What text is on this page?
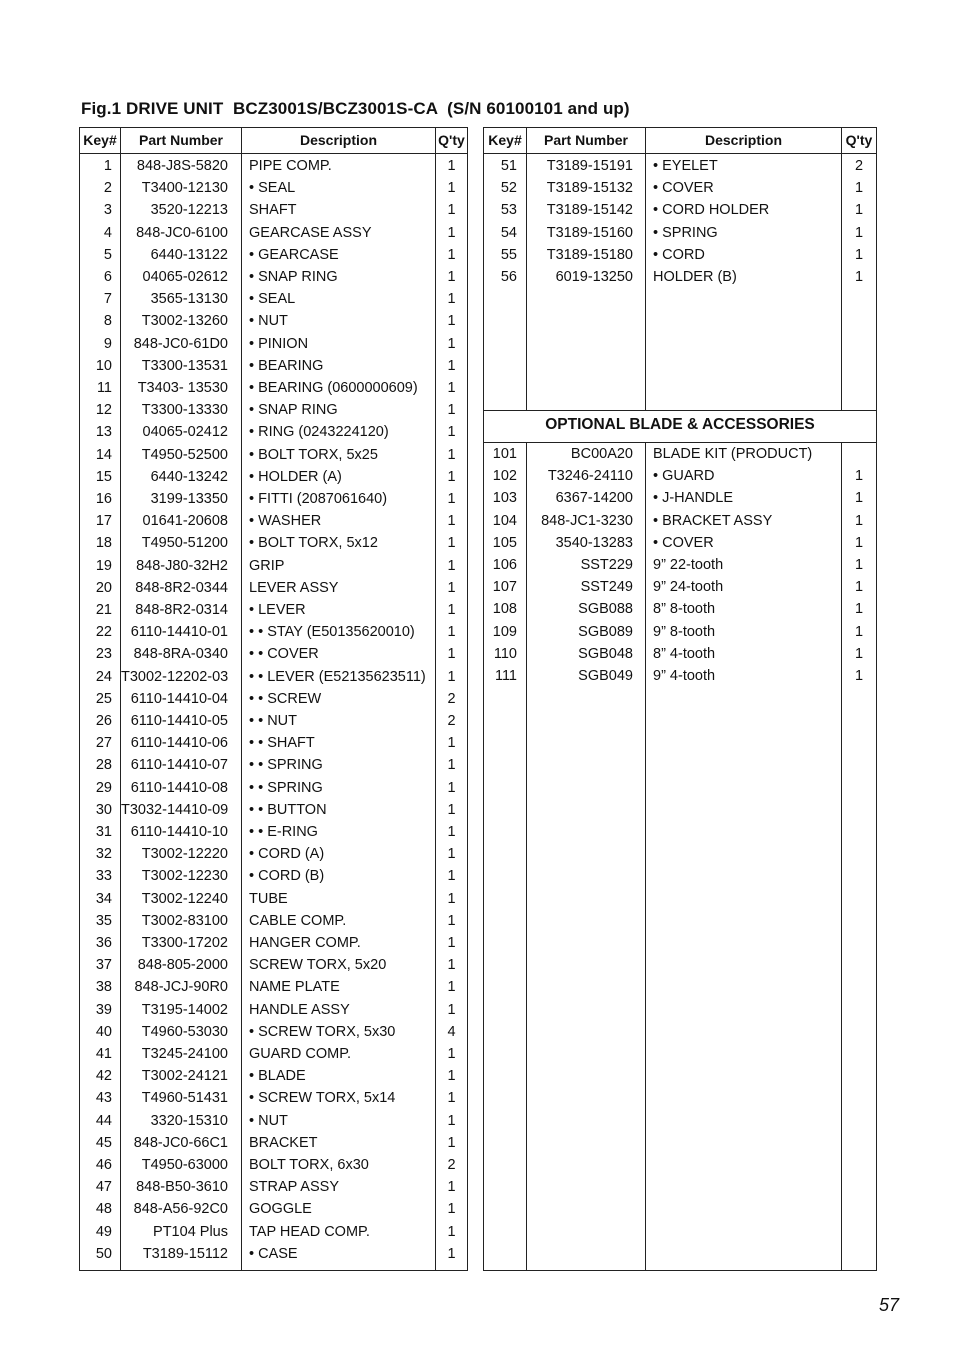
Fig.1 DRIVE UNIT  BCZ3001S/BCZ3001S-CA  (S/N 60100101 and up)
Key#	Part Number	Description	Q'ty
1	848-J8S-5820 PIPE COMP.	1
2	T3400-12130 • SEAL	1
3	3520-12213 SHAFT	1
4	848-JC0-6100 GEARCASE ASSY	1
5	6440-13122 • GEARCASE	1
6	04065-02612 • SNAP RING	1
7	3565-13130 • SEAL	1
8	T3002-13260 • NUT	1
9	848-JC0-61D0 • PINION	1
10	T3300-13531 • BEARING	1
11	T3403- 13530 • BEARING (0600000609)	1
12	T3300-13330 • SNAP RING	1
13	04065-02412 • RING (0243224120)	1
14	T4950-52500 • BOLT TORX, 5x25	1
15	6440-13242 • HOLDER (A)	1
16	3199-13350 • FITTI (2087061640)	1
17	01641-20608 • WASHER	1
18	T4950-51200 • BOLT TORX, 5x12	1
19	848-J80-32H2 GRIP	1
20	848-8R2-0344 LEVER ASSY	1
21	848-8R2-0314 • LEVER	1
22	6110-14410-01 • • STAY (E50135620010)	1
23	848-8RA-0340 • • COVER	1
24 T3002-12202-03 • • LEVER (E52135623511)	1
25	6110-14410-04 • • SCREW	2
26	6110-14410-05 • • NUT	2
27	6110-14410-06 • • SHAFT	1
28	6110-14410-07 • • SPRING	1
29	6110-14410-08 • • SPRING	1
30 T3032-14410-09 • • BUTTON	1
31	6110-14410-10 • • E-RING	1
32	T3002-12220 • CORD (A)	1
33	T3002-12230 • CORD (B)	1
34	T3002-12240 TUBE	1
35	T3002-83100 CABLE COMP.	1
36	T3300-17202 HANGER COMP.	1
37	848-805-2000 SCREW TORX, 5x20	1
38	848-JCJ-90R0 NAME PLATE	1
39	T3195-14002 HANDLE ASSY	1
40	T4960-53030 • SCREW TORX, 5x30	4
41	T3245-24100 GUARD COMP.	1
42	T3002-24121 • BLADE	1
43	T4960-51431 • SCREW TORX, 5x14	1
44	3320-15310 • NUT	1
45	848-JC0-66C1 BRACKET	1
46	T4950-63000 BOLT TORX, 6x30	2
47	848-B50-3610 STRAP ASSY	1
48	848-A56-92C0 GOGGLE	1
49	PT104 Plus TAP HEAD COMP.	1
50	T3189-15112 • CASE	1
Key#	Part Number	Description	Q'ty
51	T3189-15191 • EYELET	2
52	T3189-15132 • COVER	1
53	T3189-15142 • CORD HOLDER	1
54	T3189-15160 • SPRING	1
55	T3189-15180 • CORD	1
56	6019-13250 HOLDER (B)	1
OPTIONAL BLADE & ACCESSORIES
101	BC00A20 BLADE KIT (PRODUCT)
102	T3246-24110 • GUARD	1
103	6367-14200 • J-HANDLE	1
104	848-JC1-3230 • BRACKET ASSY	1
105	3540-13283 • COVER	1
106	SST229 9” 22-tooth	1
107	SST249 9” 24-tooth	1
108	SGB088 8” 8-tooth	1
109	SGB089 9” 8-tooth	1
110	SGB048 8” 4-tooth	1
111	SGB049 9” 4-tooth	1
57
